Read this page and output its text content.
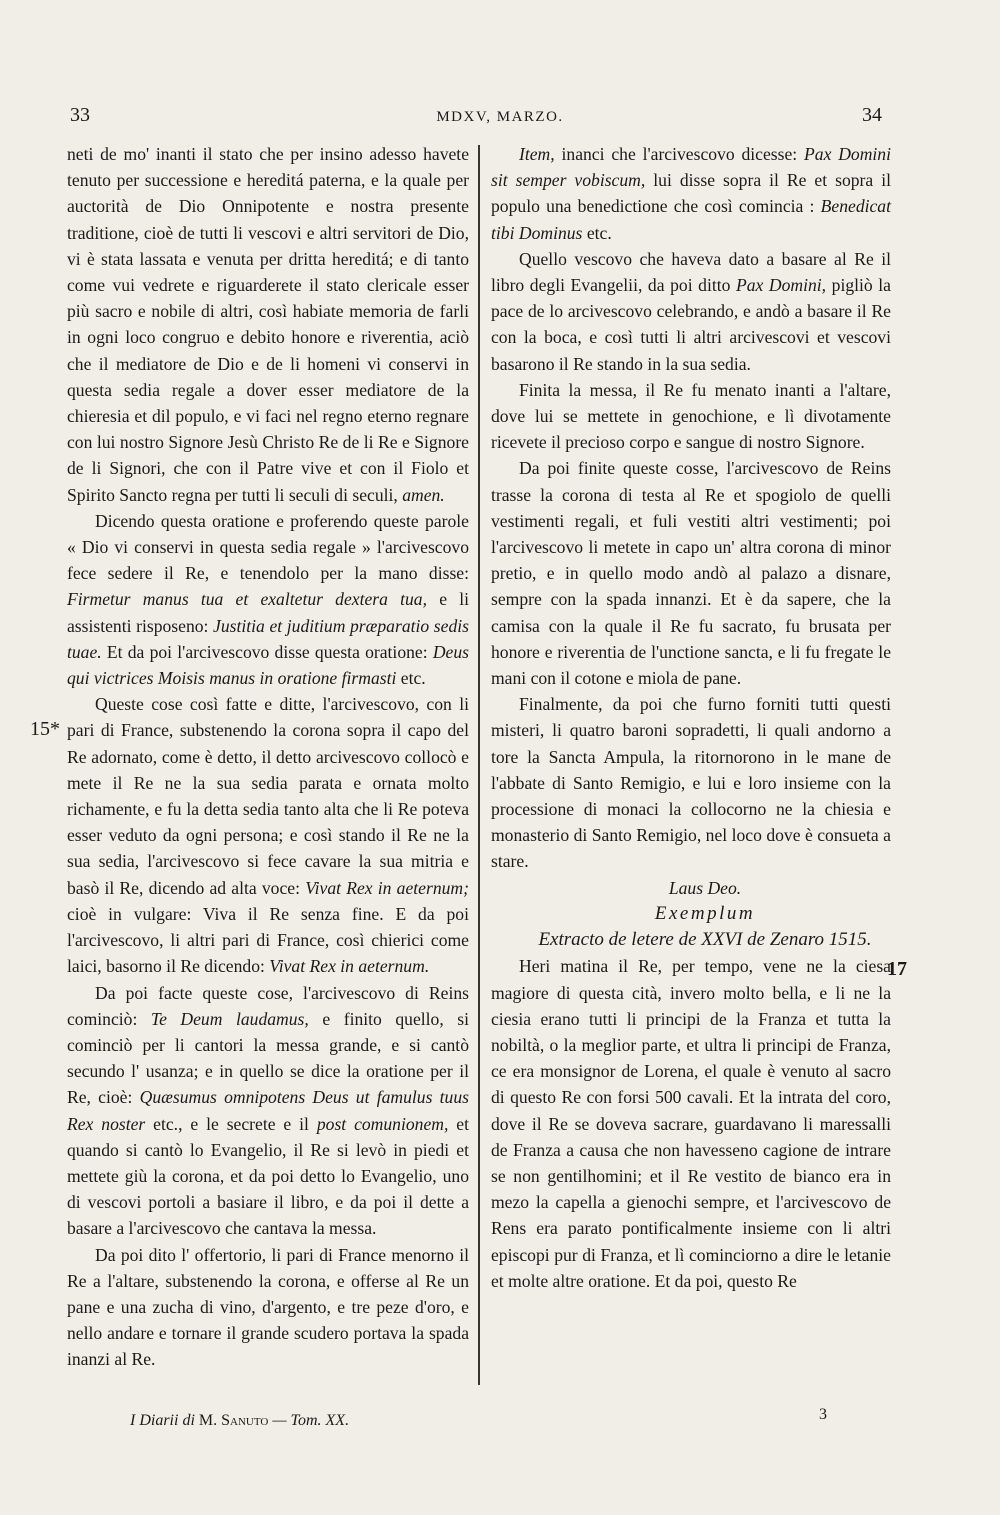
33	MDXV, MARZO.	34
15*
17

neti de mo' inanti il stato che per insino adesso havete tenuto per successione e hereditá paterna, e la quale per auctorità de Dio Onnipotente e nostra presente traditione, cioè de tutti li vescovi e altri servitori de Dio, vi è stata lassata e venuta per dritta hereditá; e di tanto come vui vedrete e riguarderete il stato clericale esser più sacro e nobile di altri, così habiate memoria de farli in ogni loco congruo e debito honore e riverentia, aciò che il mediatore de Dio e de li homeni vi conservi in questa sedia regale a dover esser mediatore de la chieresia et dil populo, e vi faci nel regno eterno regnare con lui nostro Signore Jesù Christo Re de li Re e Signore de li Signori, che con il Patre vive et con il Fiolo et Spirito Sancto regna per tutti li seculi di seculi, amen.

Dicendo questa oratione e proferendo queste parole « Dio vi conservi in questa sedia regale » l'arcivescovo fece sedere il Re, e tenendolo per la mano disse: Firmetur manus tua et exaltetur dextera tua, e li assistenti risposeno: Justitia et juditium præparatio sedis tuae. Et da poi l'arcivescovo disse questa oratione: Deus qui victrices Moisis manus in oratione firmasti etc.

Queste cose così fatte e ditte, l'arcivescovo, con li pari di France, substenendo la corona sopra il capo del Re adornato, come è detto, il detto arcivescovo collocò e mete il Re ne la sua sedia parata e ornata molto richamente, e fu la detta sedia tanto alta che li Re poteva esser veduto da ogni persona; e così stando il Re ne la sua sedia, l'arcivescovo si fece cavare la sua mitria e basò il Re, dicendo ad alta voce: Vivat Rex in aeternum; cioè in vulgare: Viva il Re senza fine. E da poi l'arcivescovo, li altri pari di France, così chierici come laici, basorno il Re dicendo: Vivat Rex in aeternum.

Da poi facte queste cose, l'arcivescovo di Reins cominciò: Te Deum laudamus, e finito quello, si cominciò per li cantori la messa grande, e si cantò secundo l' usanza; e in quello se dice la oratione per il Re, cioè: Quæsumus omnipotens Deus ut famulus tuus Rex noster etc., e le secrete e il post comunionem, et quando si cantò lo Evangelio, il Re si levò in piedi et mettete giù la corona, et da poi detto lo Evangelio, uno di vescovi portoli a basiare il libro, e da poi il dette a basare a l'arcivescovo che cantava la messa.

Da poi dito l' offertorio, li pari di France menorno il Re a l'altare, substenendo la corona, e offerse al Re un pane e una zucha di vino, d'argento, e tre peze d'oro, e nello andare e tornare il grande scudero portava la spada inanzi al Re.

Item, inanci che l'arcivescovo dicesse: Pax Domini sit semper vobiscum, lui disse sopra il Re et sopra il populo una benedictione che così comincia : Benedicat tibi Dominus etc.

Quello vescovo che haveva dato a basare al Re il libro degli Evangelii, da poi ditto Pax Domini, pigliò la pace de lo arcivescovo celebrando, e andò a basare il Re con la boca, e così tutti li altri arcivescovi et vescovi basarono il Re stando in la sua sedia.

Finita la messa, il Re fu menato inanti a l'altare, dove lui se mettete in genochione, e lì divotamente ricevete il precioso corpo e sangue di nostro Signore.

Da poi finite queste cosse, l'arcivescovo de Reins trasse la corona di testa al Re et spogiolo de quelli vestimenti regali, et fuli vestiti altri vestimenti; poi l'arcivescovo li metete in capo un' altra corona di minor pretio, e in quello modo andò al palazo a disnare, sempre con la spada innanzi. Et è da sapere, che la camisa con la quale il Re fu sacrato, fu brusata per honore e riverentia de l'unctione sancta, e li fu fregate le mani con il cotone e miola de pane.

Finalmente, da poi che furno forniti tutti questi misteri, li quatro baroni sopradetti, li quali andorno a tore la Sancta Ampula, la ritornorono in le mane de l'abbate di Santo Remigio, e lui e loro insieme con la processione di monaci la collocorno ne la chiesia e monasterio di Santo Remigio, nel loco dove è consueta a stare.

Laus Deo.

Exemplum

Extracto de letere de XXVI de Zenaro 1515.

Heri matina il Re, per tempo, vene ne la ciesa magiore di questa cità, invero molto bella, e li ne la ciesia erano tutti li principi de la Franza et tutta la nobiltà, o la meglior parte, et ultra li principi de Franza, ce era monsignor de Lorena, el quale è venuto al sacro di questo Re con forsi 500 cavali. Et la intrata del coro, dove il Re se doveva sacrare, guardavano li maressalli de Franza a causa che non havesseno cagione de intrare se non gentilhomini; et il Re vestito de bianco era in mezo la capella a gienochi sempre, et l'arcivescovo de Rens era parato pontificalmente insieme con li altri episcopi pur di Franza, et lì cominciorno a dire le letanie et molte altre oratione. Et da poi, questo Re

I Diarii di M. Sanuto — Tom. XX.	3
